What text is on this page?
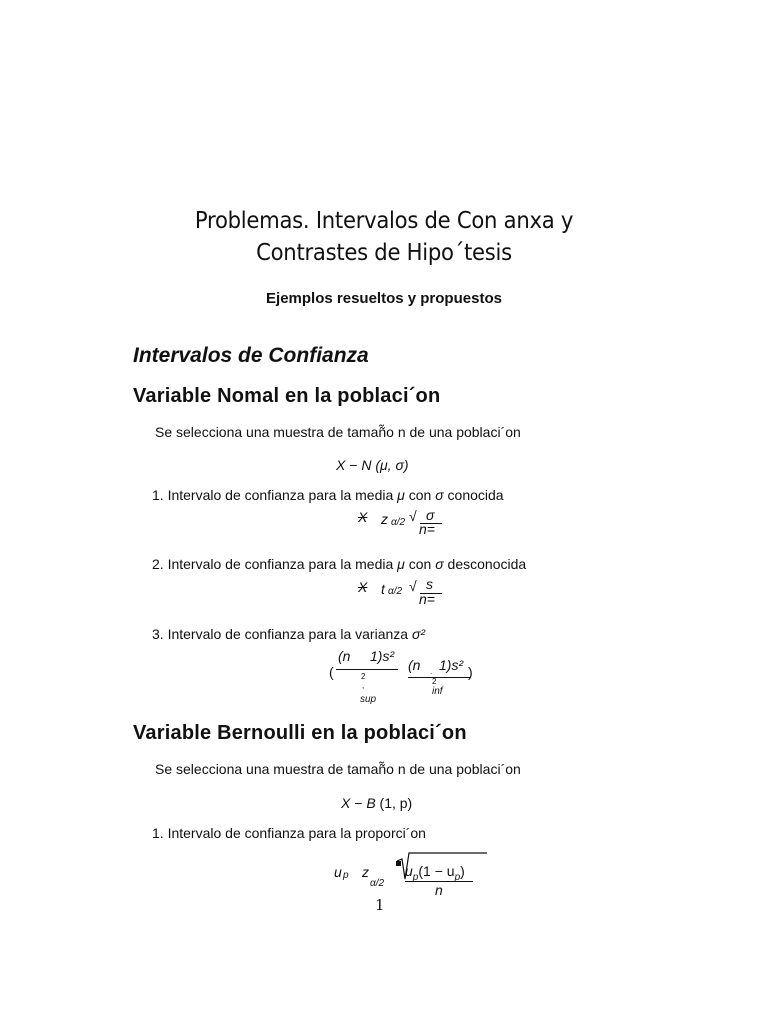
Problemas. Intervalos de Con anxa y
Contrastes de Hipo´tesis
Ejemplos resueltos y propuestos
Intervalos de Confianza
Variable Nomal en la poblaci´on
Se selecciona una muestra de tamañ̃o n de una poblaci´on
X − N (μ, σ)
1. Intervalo de confianza para la media μ con σ conocida
X z α/2 √ σ
n=
2. Intervalo de confianza para la media μ con σ desconocida
X t α/2 √ s
n=
3. Intervalo de confianza para la varianza σ²
(
(n 1)s²
2
,
sup
(n . 1)s²
2
inf
)
Variable Bernoulli en la poblaci´on
Se selecciona una muestra de tamañ̃o n de una poblaci´on
X − B (1, p)
1. Intervalo de confianza para la proporci´on
u p z
α/2
$u_p(1 - u_p)$
n
1
